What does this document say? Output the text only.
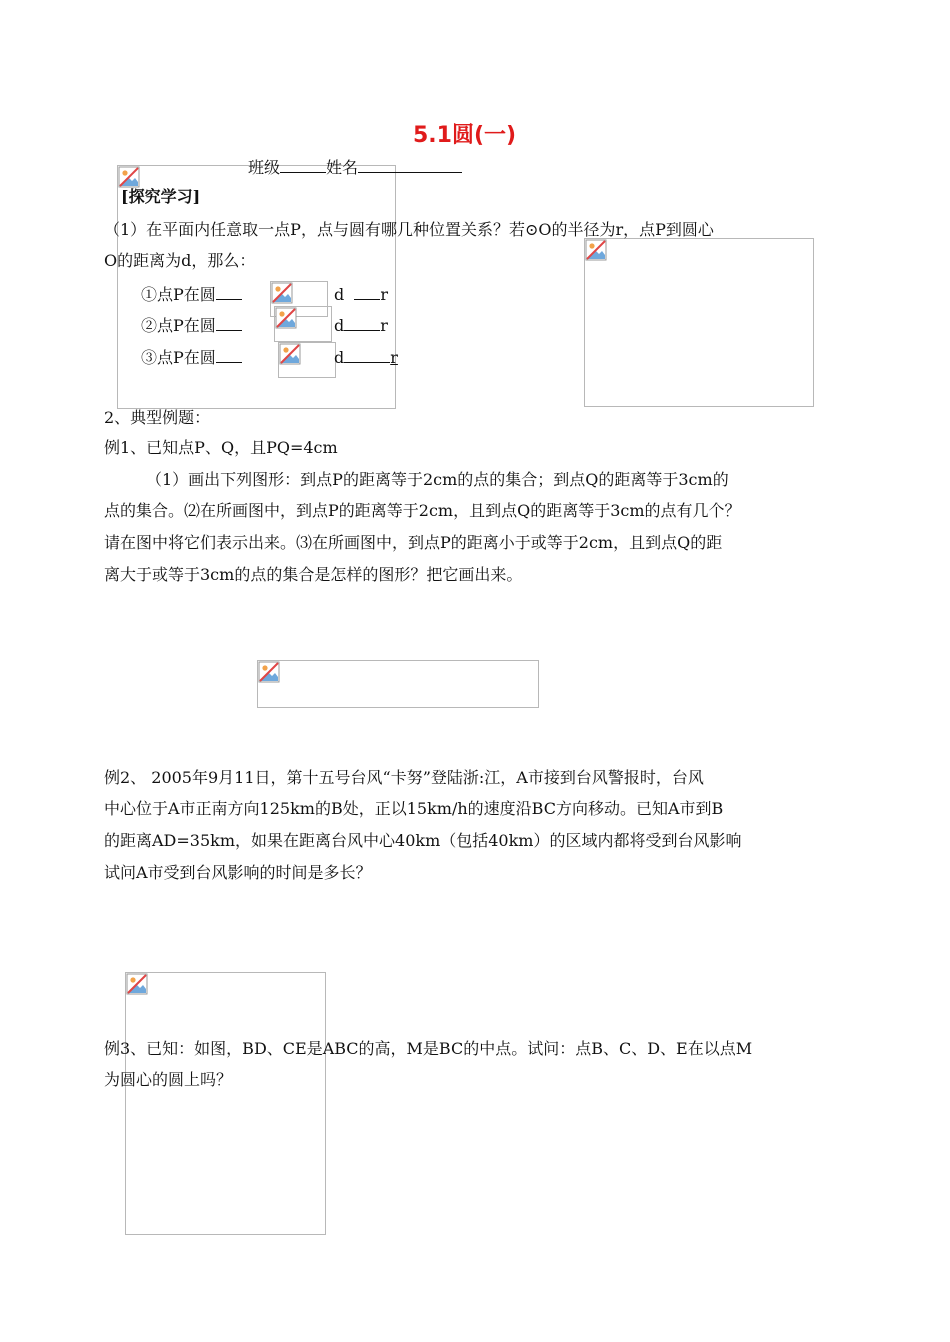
5.1圆(一)
班级	姓名
[探究学习]
（1）在平面内任意取一点P，点与圆有哪几种位置关系？若⊙O的半径为r，点P到圆心
O的距离为d，那么：
①点P在圆	d r
②点P在圆	d r
③点P在圆	d	r
2、典型例题：
例1、已知点P、Q，且PQ=4cm
（1）画出下列图形：到点P的距离等于2cm的点的集合；到点Q的距离等于3cm的
点的集合。⑵在所画图中，到点P的距离等于2cm，且到点Q的距离等于3cm的点有几个？
请在图中将它们表示出来。⑶在所画图中，到点P的距离小于或等于2cm，且到点Q的距
离大于或等于3cm的点的集合是怎样的图形？把它画出来。
例2、 2005年9月11日，第十五号台风“卡努”登陆浙:江，A市接到台风警报时，台风
中心位于A市正南方向125km的B处，正以15km/h的速度沿BC方向移动。已知A市到B
的距离AD=35km，如果在距离台风中心40km（包括40km）的区域内都将受到台风影响
试问A市受到台风影响的时间是多长？
例3、已知：如图，BD、CE是ABC的高，M是BC的中点。试问：点B、C、D、E在以点M
为圆心的圆上吗？
